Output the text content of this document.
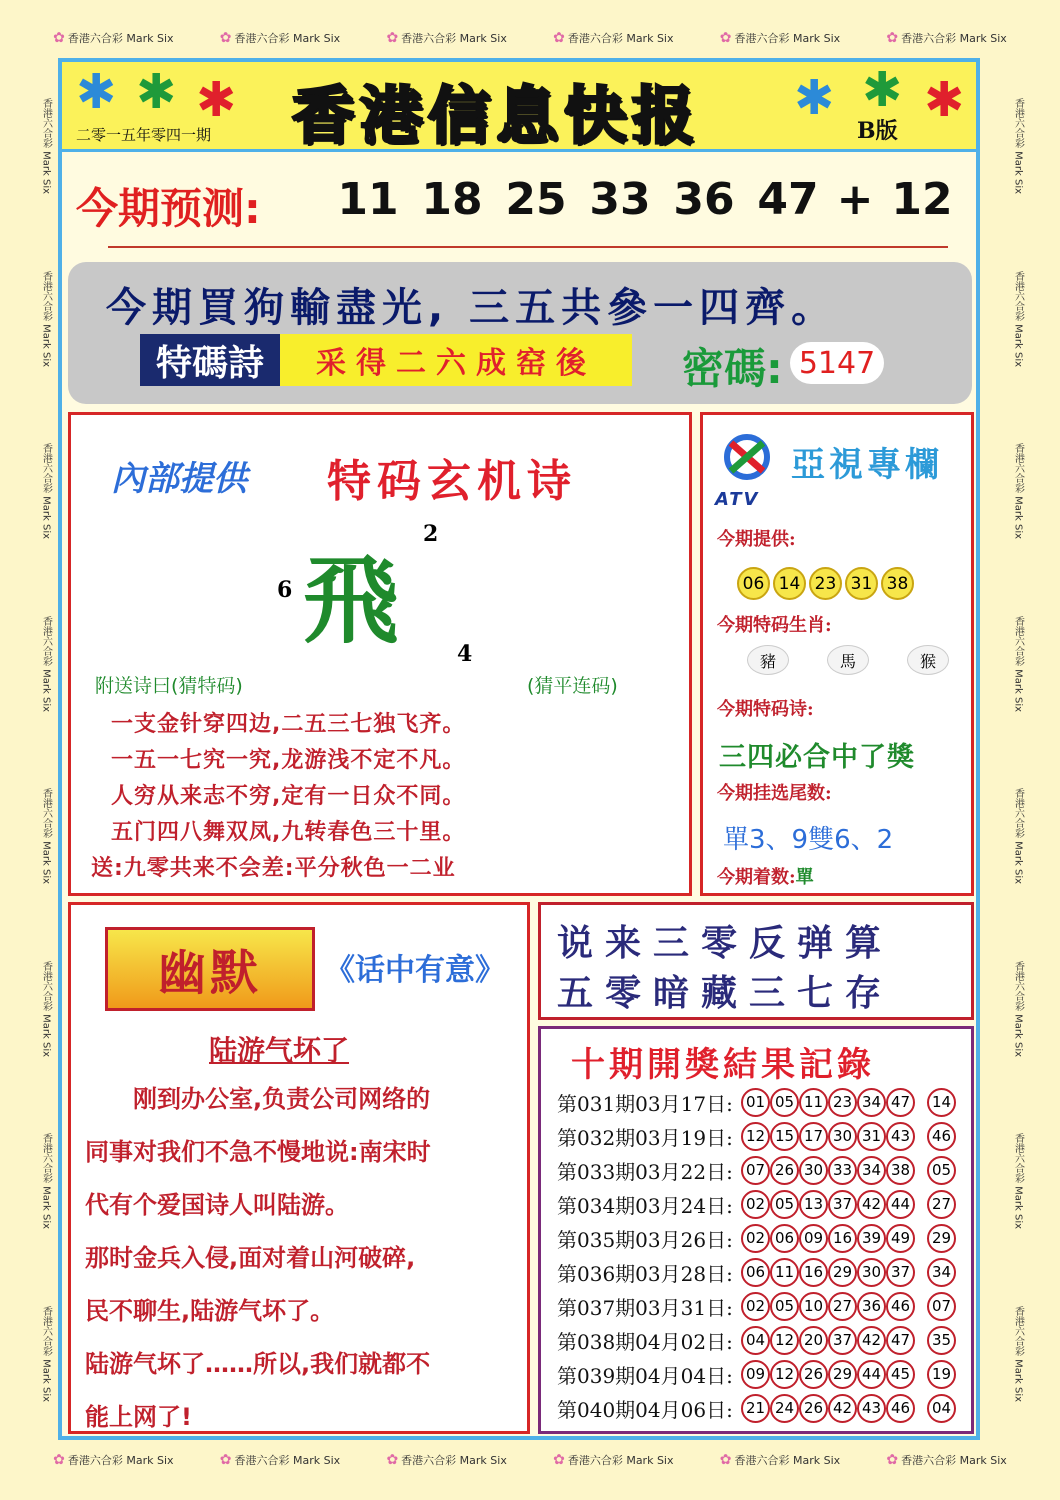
✿ 香港六合彩 Mark Six	✿ 香港六合彩 Mark Six	✿ 香港六合彩 Mark Six	✿ 香港六合彩 Mark Six	✿ 香港六合彩 Mark Six	✿ 香港六合彩 Mark Six
✿ 香港六合彩 Mark Six	✿ 香港六合彩 Mark Six	✿ 香港六合彩 Mark Six	✿ 香港六合彩 Mark Six	✿ 香港六合彩 Mark Six	✿ 香港六合彩 Mark Six
香港六合彩 Mark Six
香港六合彩 Mark Six
香港六合彩 Mark Six
香港六合彩 Mark Six
香港六合彩 Mark Six
香港六合彩 Mark Six
香港六合彩 Mark Six
香港六合彩 Mark Six
香港六合彩 Mark Six
香港六合彩 Mark Six
香港六合彩 Mark Six
香港六合彩 Mark Six
香港六合彩 Mark Six
香港六合彩 Mark Six
香港六合彩 Mark Six
香港六合彩 Mark Six
✱ ✱ ✱
二零一五年零四一期 香港信息快报	B版
✱ ✱ ✱
今期预测: 11 18 25 33 36 47 + 12
今期買狗輸盡光, 三五共參一四齊。
特碼詩	采得二六成窑後	密碼: 5147
內部提供 特码玄机诗
飛
2
6
4
附送诗曰(猜特码)	(猜平连码)
一支金针穿四边,二五三七独飞齐。
一五一七究一究,龙游浅不定不凡。
人穷从来志不穷,定有一日众不同。
五门四八舞双凤,九转春色三十里。
送:九零共来不会差:平分秋色一二业
ATV
亞視專欄
今期提供:
06 14 23 31 38
今期特码生肖:
豬	馬	猴
今期特码诗:
三四必合中了獎
今期挂选尾数:
單3、9雙6、2
今期着数:單
幽默	《话中有意》
陆游气坏了
刚到办公室,负责公司网络的
同事对我们不急不慢地说:南宋时
代有个爱国诗人叫陆游。
那时金兵入侵,面对着山河破碎,
民不聊生,陆游气坏了。
陆游气坏了……所以,我们就都不
能上网了!
说来三零反弹算
五零暗藏三七存
十期開獎結果記錄
第031期03月17日: 01 05 11 23 34 47	14
第032期03月19日: 12 15 17 30 31 43	46
第033期03月22日: 07 26 30 33 34 38	05
第034期03月24日: 02 05 13 37 42 44	27
第035期03月26日: 02 06 09 16 39 49	29
第036期03月28日: 06 11 16 29 30 37	34
第037期03月31日: 02 05 10 27 36 46	07
第038期04月02日: 04 12 20 37 42 47	35
第039期04月04日: 09 12 26 29 44 45	19
第040期04月06日: 21 24 26 42 43 46	04
